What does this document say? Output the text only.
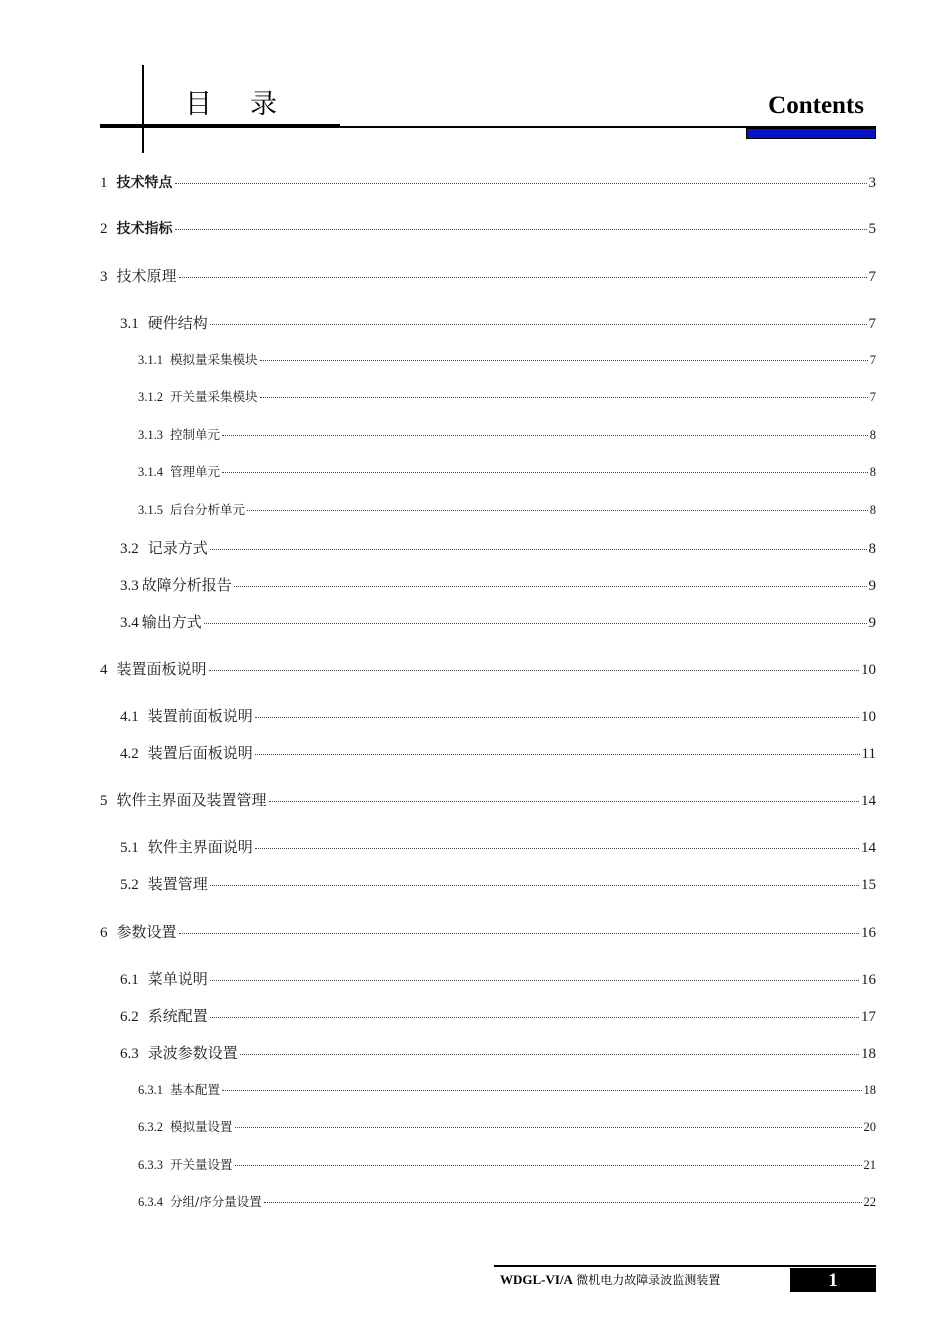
目录	Contents
1 技术特点	3
2 技术指标	5
3 技术原理	7
3.1 硬件结构	7
3.1.1 模拟量采集模块	7
3.1.2 开关量采集模块	7
3.1.3 控制单元	8
3.1.4 管理单元	8
3.1.5 后台分析单元	8
3.2 记录方式	8
3.3 故障分析报告	9
3.4 输出方式	9
4 装置面板说明	10
4.1 装置前面板说明	10
4.2 装置后面板说明	11
5 软件主界面及装置管理	14
5.1 软件主界面说明	14
5.2 装置管理	15
6 参数设置	16
6.1 菜单说明	16
6.2 系统配置	17
6.3 录波参数设置	18
6.3.1 基本配置	18
6.3.2 模拟量设置	20
6.3.3 开关量设置	21
6.3.4 分组/序分量设置	22
WDGL-VI/A 微机电力故障录波监测装置	1
